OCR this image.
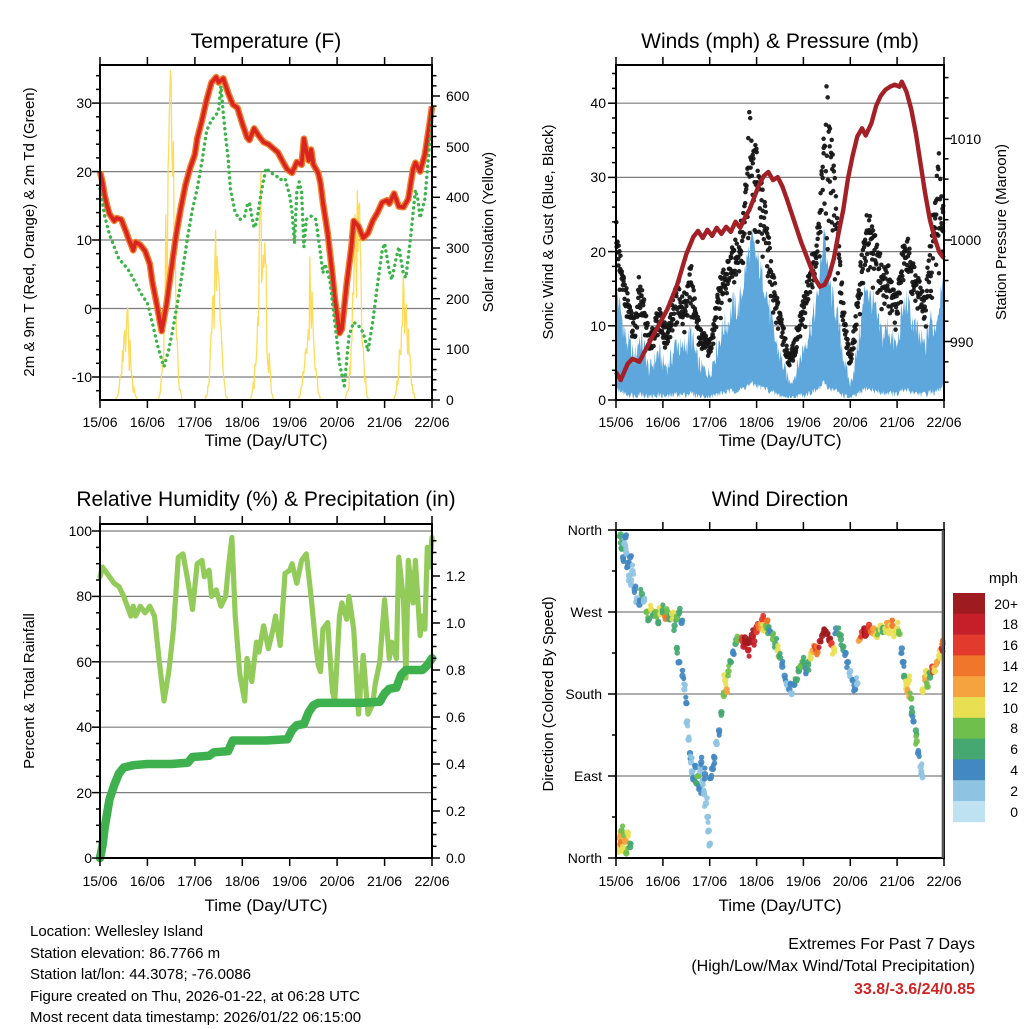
15/06	15/06
15/06	15/06
16/06	16/06
16/06	16/06
17/06	17/06
17/06	17/06
18/06	18/06
18/06	18/06
19/06	19/06
19/06	19/06
20/06	20/06
20/06	20/06
21/06	21/06
21/06	21/06
22/06	22/06
22/06	22/06
-10
0
10
20
30
0
100
200
300
400
500
600
0
10
20
30
40
990
1000
1010
0
20
40
60
80
100
0.0
0.2
0.4
0.6
0.8
1.0
1.2
North
East
South
West
North
20+
18
16
14
12
10
8
6
4
2
0
Temperature (F)	Winds (mph) & Pressure (mb)
Relative Humidity (%) & Precipitation (in)	Wind Direction
Time (Day/UTC)	Time (Day/UTC)
Time (Day/UTC)	Time (Day/UTC)
2m & 9m T (Red, Orange) & 2m Td (Green)	Solar Insolation (Yellow)	Sonic Wind & Gust (Blue, Black)	Station Pressure (Maroon)
Percent & Total Rainfall	Direction (Colored By Speed)
mph
Location: Wellesley Island
Station elevation: 86.7766 m
Station lat/lon: 44.3078; -76.0086
Figure created on Thu, 2026-01-22, at 06:28 UTC
Most recent data timestamp: 2026/01/22 06:15:00
Extremes For Past 7 Days
(High/Low/Max Wind/Total Precipitation)
33.8/-3.6/24/0.85
